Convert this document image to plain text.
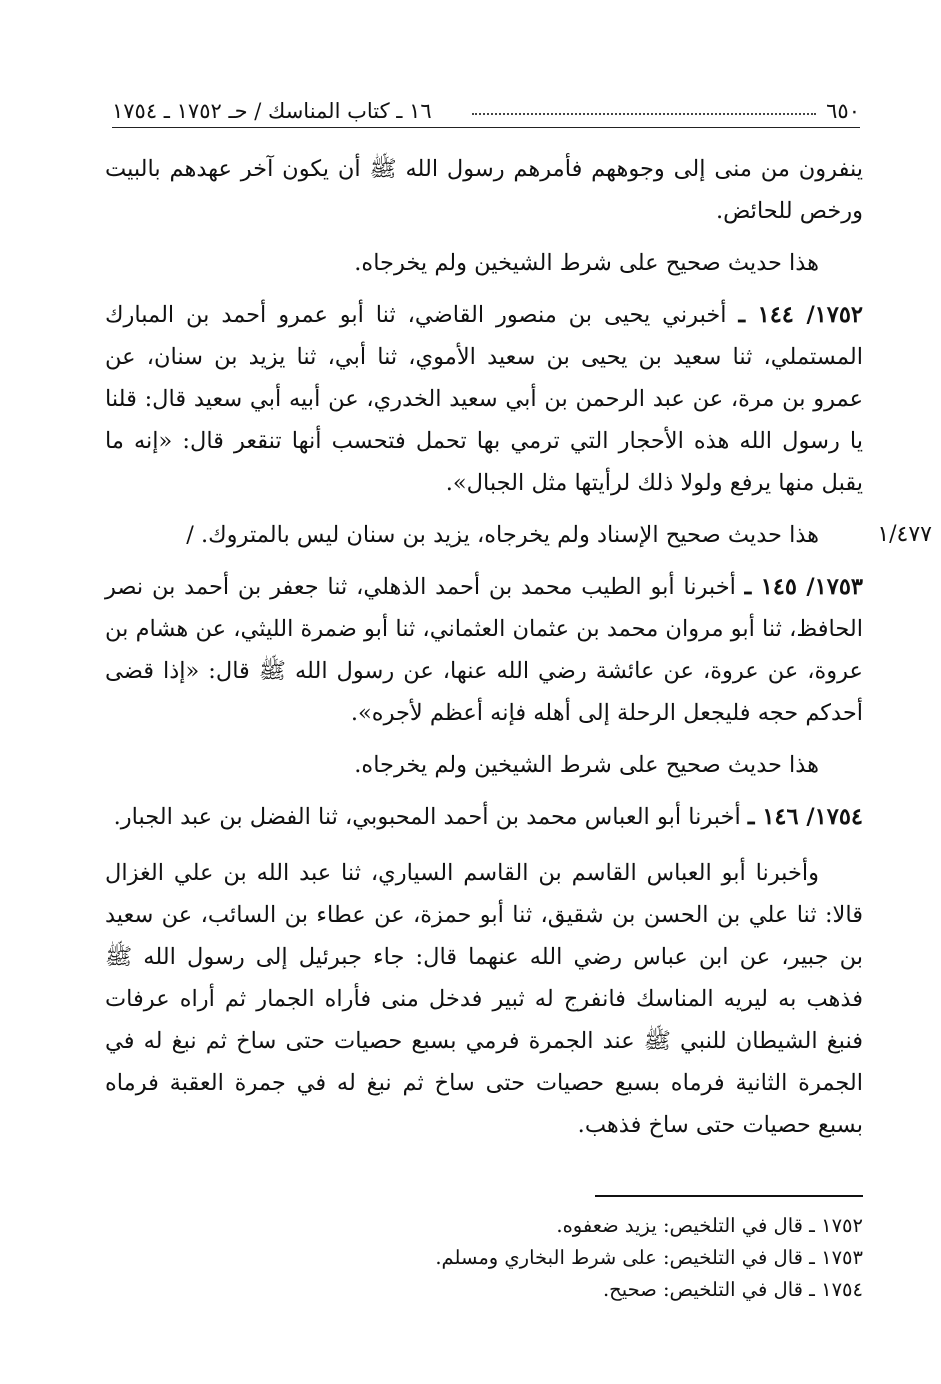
٦٥٠
١٦ ـ كتاب المناسك / حـ ١٧٥٢ ـ ١٧٥٤
١/٤٧٧

ينفرون من منى إلى وجوههم فأمرهم رسول الله ﷺ أن يكون آخر عهدهم بالبيت ورخص للحائض.

هذا حديث صحيح على شرط الشيخين ولم يخرجاه.

١٧٥٢/ ١٤٤ ـ أخبرني يحيى بن منصور القاضي، ثنا أبو عمرو أحمد بن المبارك المستملي، ثنا سعيد بن يحيى بن سعيد الأموي، ثنا أبي، ثنا يزيد بن سنان، عن عمرو بن مرة، عن عبد الرحمن بن أبي سعيد الخدري، عن أبيه أبي سعيد قال: قلنا يا رسول الله هذه الأحجار التي ترمي بها تحمل فتحسب أنها تنقعر قال: «إنه ما يقبل منها يرفع ولولا ذلك لرأيتها مثل الجبال».

هذا حديث صحيح الإسناد ولم يخرجاه، يزيد بن سنان ليس بالمتروك. /

١٧٥٣/ ١٤٥ ـ أخبرنا أبو الطيب محمد بن أحمد الذهلي، ثنا جعفر بن أحمد بن نصر الحافظ، ثنا أبو مروان محمد بن عثمان العثماني، ثنا أبو ضمرة الليثي، عن هشام بن عروة، عن عروة، عن عائشة رضي الله عنها، عن رسول الله ﷺ قال: «إذا قضى أحدكم حجه فليجعل الرحلة إلى أهله فإنه أعظم لأجره».

هذا حديث صحيح على شرط الشيخين ولم يخرجاه.

١٧٥٤/ ١٤٦ ـ أخبرنا أبو العباس محمد بن أحمد المحبوبي، ثنا الفضل بن عبد الجبار.

وأخبرنا أبو العباس القاسم بن القاسم السياري، ثنا عبد الله بن علي الغزال قالا: ثنا علي بن الحسن بن شقيق، ثنا أبو حمزة، عن عطاء بن السائب، عن سعيد بن جبير، عن ابن عباس رضي الله عنهما قال: جاء جبرئيل إلى رسول الله ﷺ فذهب به ليريه المناسك فانفرج له ثبير فدخل منى فأراه الجمار ثم أراه عرفات فنبغ الشيطان للنبي ﷺ عند الجمرة فرمي بسبع حصيات حتى ساخ ثم نبغ له في الجمرة الثانية فرماه بسبع حصيات حتى ساخ ثم نبغ له في جمرة العقبة فرماه بسبع حصيات حتى ساخ فذهب.

١٧٥٢ ـ قال في التلخيص: يزيد ضعفوه.
١٧٥٣ ـ قال في التلخيص: على شرط البخاري ومسلم.
١٧٥٤ ـ قال في التلخيص: صحيح.
